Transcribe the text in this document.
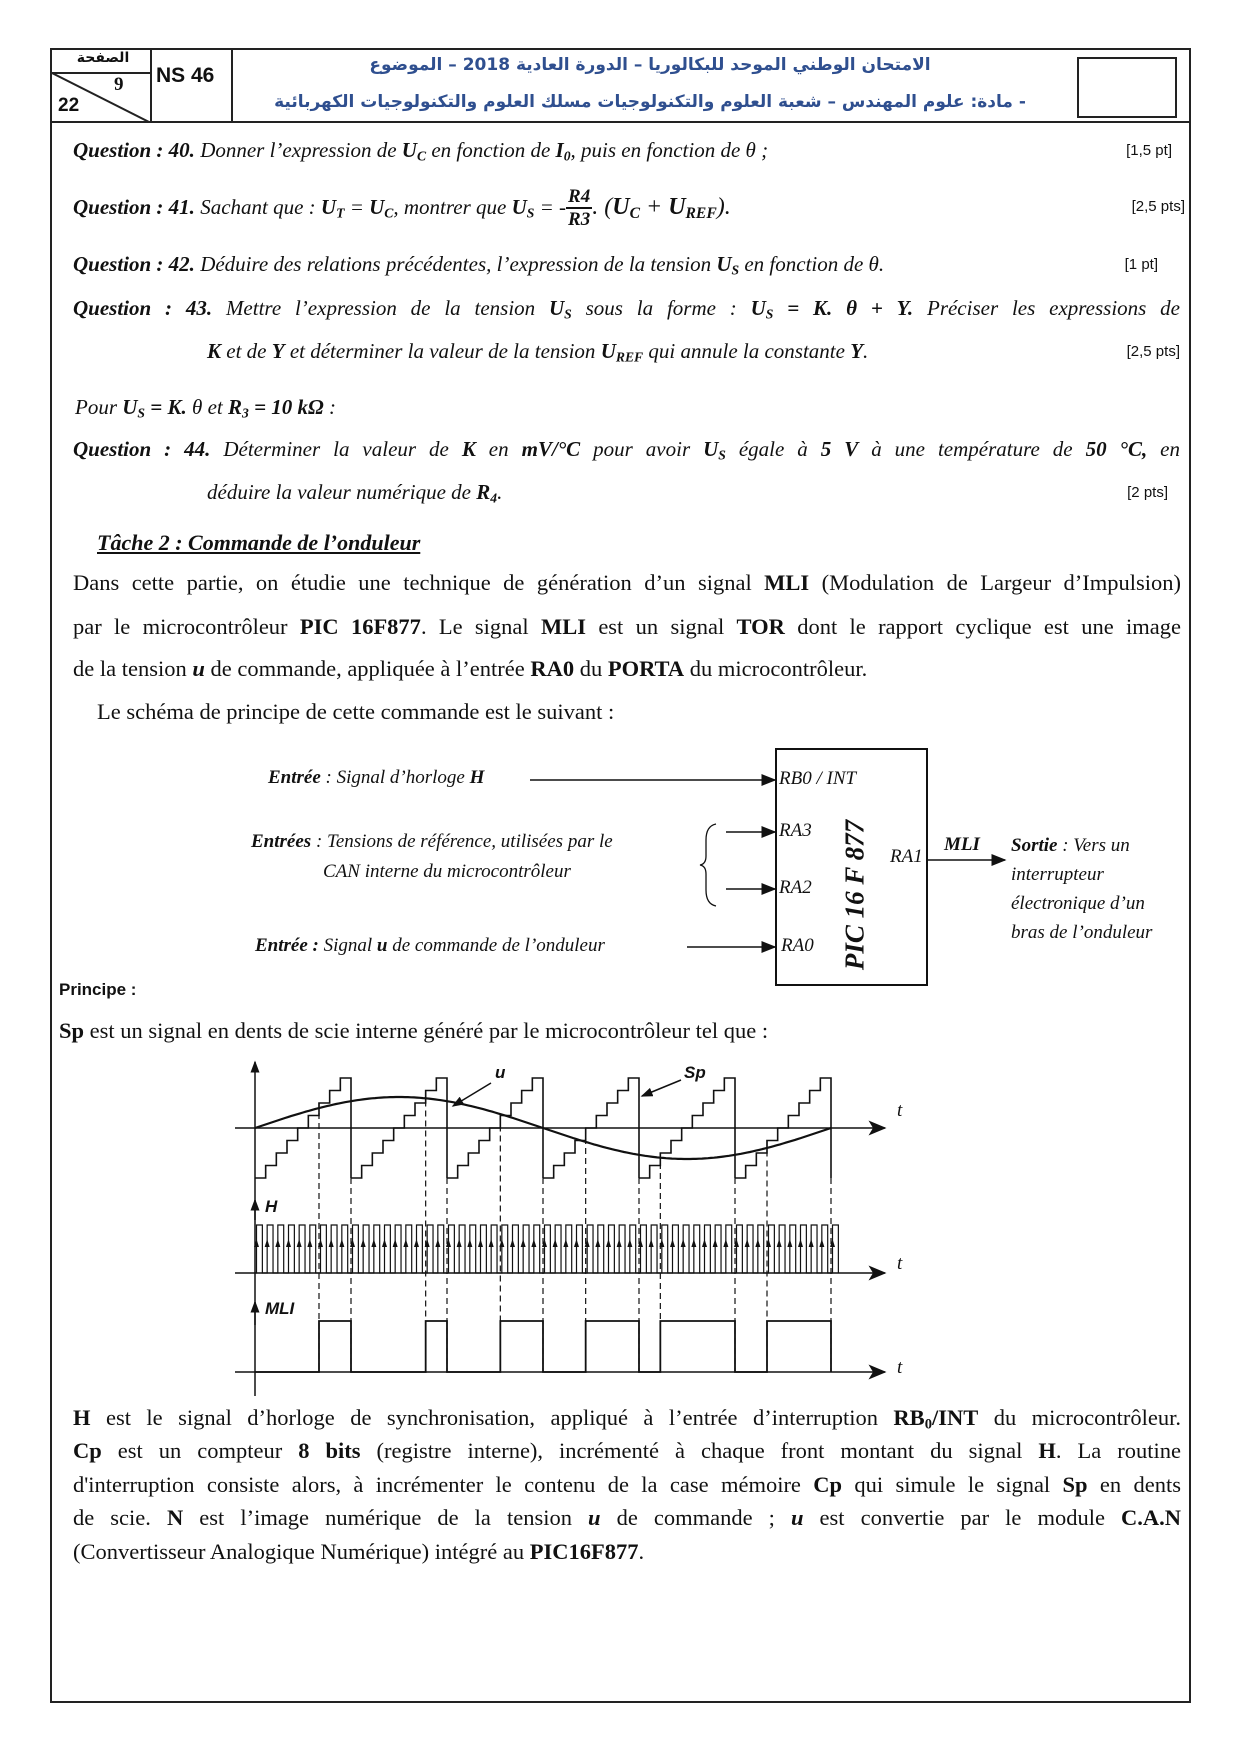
الصفحة
9
22
NS 46	الامتحان الوطني الموحد للبكالوريا – الدورة العادية 2018 – الموضوع
- مادة: علوم المهندس – شعبة العلوم والتكنولوجيات مسلك العلوم والتكنولوجيات الكهربائية
Question : 40. Donner l’expression de $U_C$ en fonction de $I_0$, puis en fonction de θ ;	[1,5 pt]
Question : 41. Sachant que : $U_T = U_C$, montrer que $U_S$ = - $\frac{R4}{R3}$ . $(U_C + U_{REF})$.	[2,5 pts]
Question : 42. Déduire des relations précédentes, l’expression de la tension $U_S$ en fonction de θ.	[1 pt]
Question : 43. Mettre l’expression de la tension $U_S$ sous la forme : $U_S = K$. θ + Y. Préciser les expressions de
K et de Y et déterminer la valeur de la tension $U_{REF}$ qui annule la constante Y.	[2,5 pts]
Pour $U_S = K$. θ et $R_3 = 10$ kΩ :
Question : 44. Déterminer la valeur de K en mV/°C pour avoir $U_S$ égale à 5 V à une température de 50 °C, en
déduire la valeur numérique de $R_4$.	[2 pts]
Tâche 2 : Commande de l’onduleur
Dans cette partie, on étudie une technique de génération d’un signal MLI (Modulation de Largeur d’Impulsion)
par le microcontrôleur PIC 16F877. Le signal MLI est un signal TOR dont le rapport cyclique est une image
de la tension u de commande, appliquée à l’entrée RA0 du PORTA du microcontrôleur.
Le schéma de principe de cette commande est le suivant :
RB0 / INT
RA3
RA2
RA0
RA1
PIC 16 F 877
Entrée : Signal d’horloge H
Entrées : Tensions de référence, utilisées par le
CAN interne du microcontrôleur
Entrée : Signal u de commande de l’onduleur
MLI Sortie : Vers un
interrupteur
électronique d’un
bras de l’onduleur
Principe :
Sp est un signal en dents de scie interne généré par le microcontrôleur tel que :
u	Sp
H
MLI
t
t
t
H est le signal d’horloge de synchronisation, appliqué à l’entrée d’interruption $RB_0$/INT du microcontrôleur.
Cp est un compteur 8 bits (registre interne), incrémenté à chaque front montant du signal H. La routine
d'interruption consiste alors, à incrémenter le contenu de la case mémoire Cp qui simule le signal Sp en dents
de scie. N est l’image numérique de la tension u de commande ; u est convertie par le module C.A.N
(Convertisseur Analogique Numérique) intégré au PIC16F877.
